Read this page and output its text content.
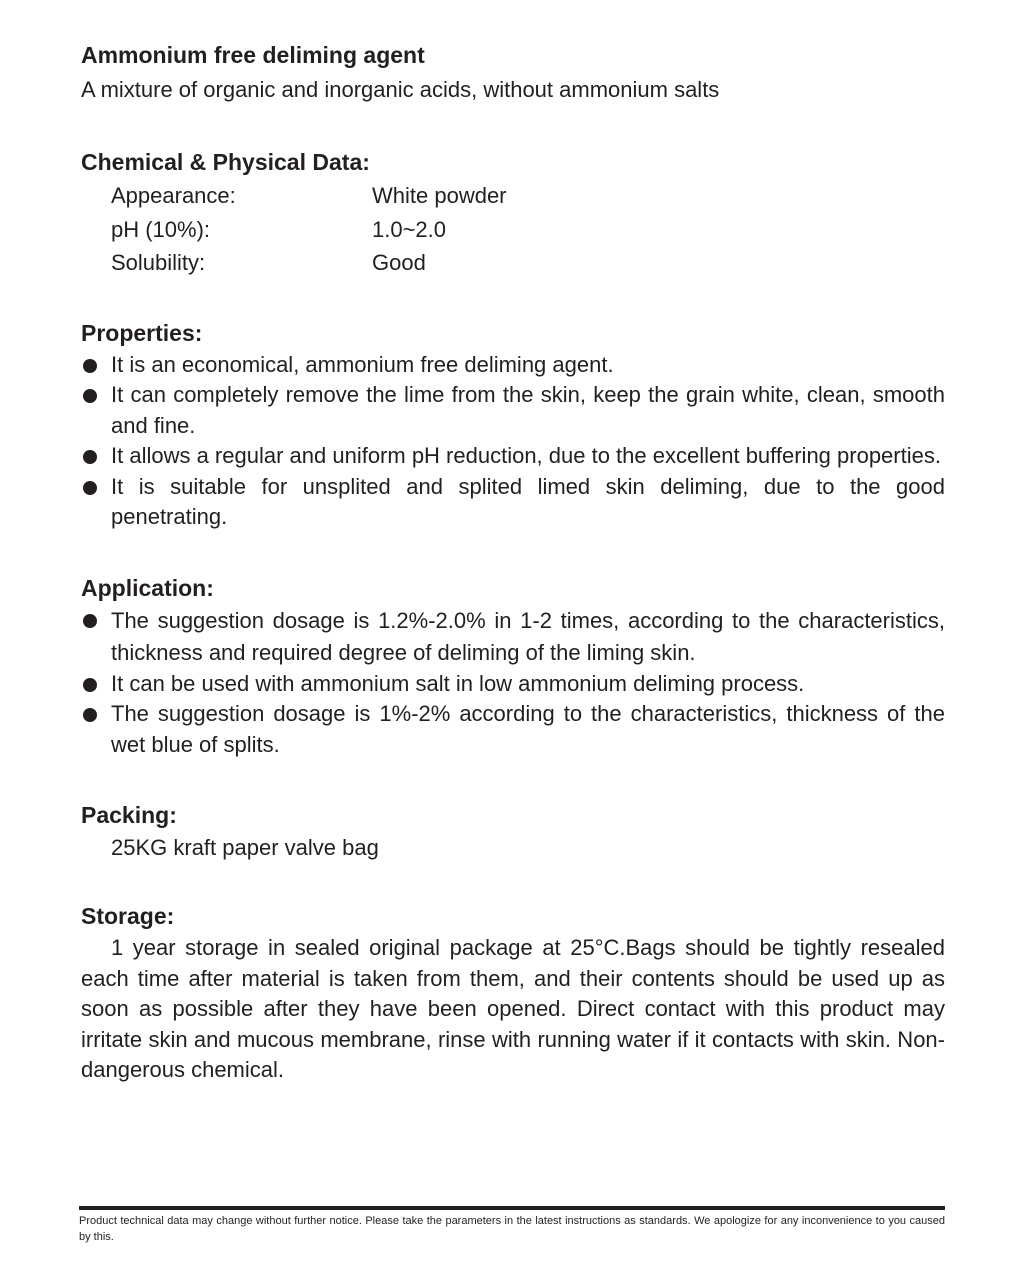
Ammonium free deliming agent

A mixture of organic and inorganic acids, without ammonium salts

Chemical & Physical Data:
Appearance:	White powder
pH (10%):	1.0~2.0
Solubility:	Good
Properties:
It is an economical, ammonium free deliming agent.
It can completely remove the lime from the skin, keep the grain white, clean, smooth and fine.
It allows a regular and uniform pH reduction, due to the excellent buffering properties.
It is suitable for unsplited and splited limed skin deliming, due to the good penetrating.
Application:
The suggestion dosage is 1.2%-2.0% in 1-2 times, according to the characteristics, thickness and required degree of deliming of the liming skin.
It can be used with ammonium salt in low ammonium deliming process.
The suggestion dosage is 1%-2% according to the characteristics, thickness of the wet blue of splits.
Packing:

25KG kraft paper valve bag

Storage:

1 year storage in sealed original package at 25°C.Bags should be tightly resealed each time after material is taken from them, and their contents should be used up as soon as possible after they have been opened. Direct contact with this product may irritate skin and mucous membrane, rinse with running water if it contacts with skin. Non-dangerous chemical.

Product technical data may change without further notice. Please take the parameters in the latest instructions as standards. We apologize for any inconvenience to you caused by this.
